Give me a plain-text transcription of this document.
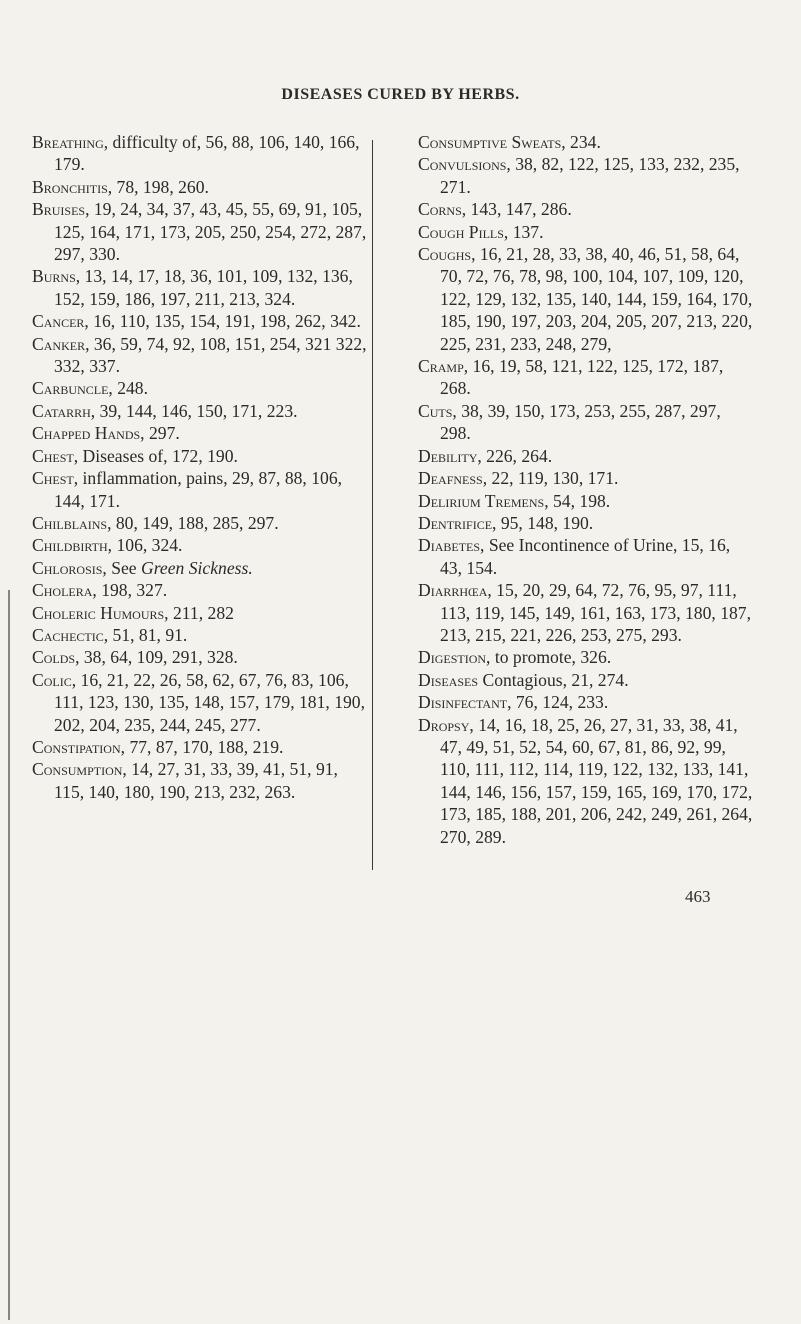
DISEASES CURED BY HERBS.

Breathing, difficulty of, 56, 88, 106, 140, 166, 179.

Bronchitis, 78, 198, 260.

Bruises, 19, 24, 34, 37, 43, 45, 55, 69, 91, 105, 125, 164, 171, 173, 205, 250, 254, 272, 287, 297, 330.

Burns, 13, 14, 17, 18, 36, 101, 109, 132, 136, 152, 159, 186, 197, 211, 213, 324.

Cancer, 16, 110, 135, 154, 191, 198, 262, 342.

Canker, 36, 59, 74, 92, 108, 151, 254, 321 322, 332, 337.

Carbuncle, 248.

Catarrh, 39, 144, 146, 150, 171, 223.

Chapped Hands, 297.

Chest, Diseases of, 172, 190.

Chest, inflammation, pains, 29, 87, 88, 106, 144, 171.

Chilblains, 80, 149, 188, 285, 297.

Childbirth, 106, 324.

Chlorosis, See Green Sickness.

Cholera, 198, 327.

Choleric Humours, 211, 282

Cachectic, 51, 81, 91.

Colds, 38, 64, 109, 291, 328.

Colic, 16, 21, 22, 26, 58, 62, 67, 76, 83, 106, 111, 123, 130, 135, 148, 157, 179, 181, 190, 202, 204, 235, 244, 245, 277.

Constipation, 77, 87, 170, 188, 219.

Consumption, 14, 27, 31, 33, 39, 41, 51, 91, 115, 140, 180, 190, 213, 232, 263.

Consumptive Sweats, 234.

Convulsions, 38, 82, 122, 125, 133, 232, 235, 271.

Corns, 143, 147, 286.

Cough Pills, 137.

Coughs, 16, 21, 28, 33, 38, 40, 46, 51, 58, 64, 70, 72, 76, 78, 98, 100, 104, 107, 109, 120, 122, 129, 132, 135, 140, 144, 159, 164, 170, 185, 190, 197, 203, 204, 205, 207, 213, 220, 225, 231, 233, 248, 279,

Cramp, 16, 19, 58, 121, 122, 125, 172, 187, 268.

Cuts, 38, 39, 150, 173, 253, 255, 287, 297, 298.

Debility, 226, 264.

Deafness, 22, 119, 130, 171.

Delirium Tremens, 54, 198.

Dentrifice, 95, 148, 190.

Diabetes, See Incontinence of Urine, 15, 16, 43, 154.

Diarrhœa, 15, 20, 29, 64, 72, 76, 95, 97, 111, 113, 119, 145, 149, 161, 163, 173, 180, 187, 213, 215, 221, 226, 253, 275, 293.

Digestion, to promote, 326.

Diseases Contagious, 21, 274.

Disinfectant, 76, 124, 233.

Dropsy, 14, 16, 18, 25, 26, 27, 31, 33, 38, 41, 47, 49, 51, 52, 54, 60, 67, 81, 86, 92, 99, 110, 111, 112, 114, 119, 122, 132, 133, 141, 144, 146, 156, 157, 159, 165, 169, 170, 172, 173, 185, 188, 201, 206, 242, 249, 261, 264, 270, 289.

463
